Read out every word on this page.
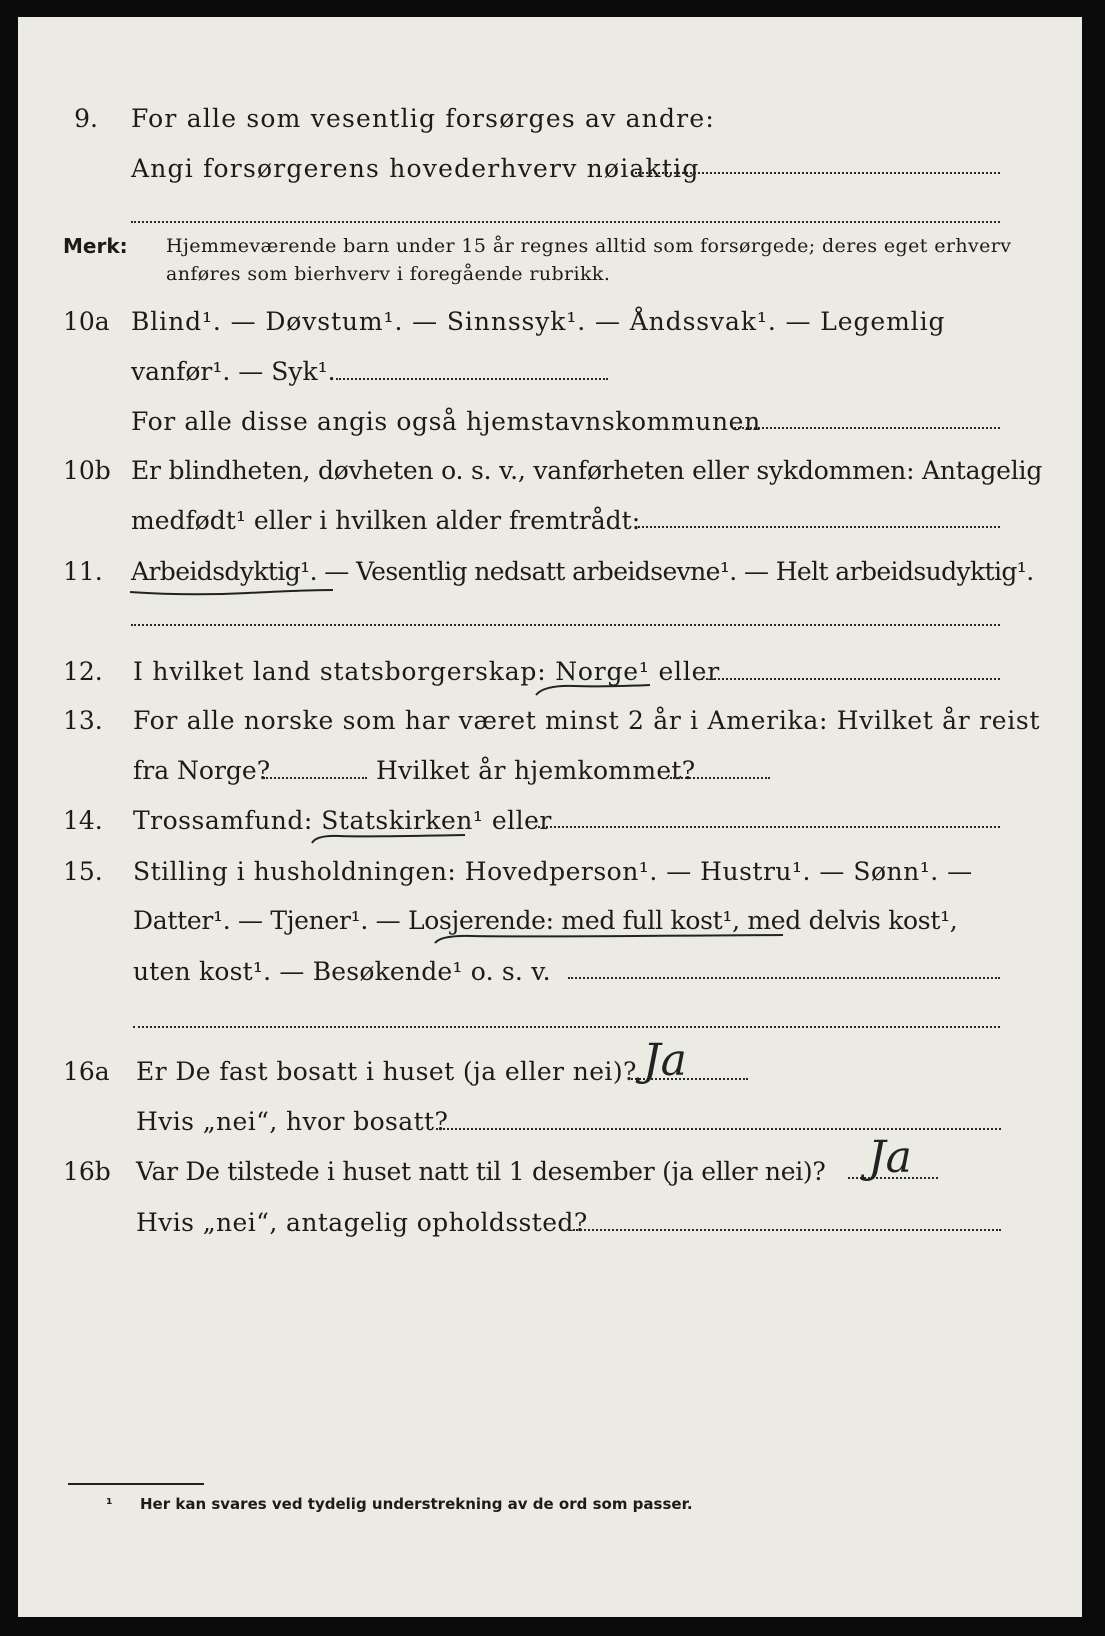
9. For alle som vesentlig forsørges av andre:
Angi forsørgerens hovederhverv nøiaktig
Merk: Hjemmeværende barn under 15 år regnes alltid som forsørgede; deres eget erhverv
anføres som bierhverv i foregående rubrikk.
10a Blind¹. — Døvstum¹. — Sinnssyk¹. — Åndssvak¹. — Legemlig
vanfør¹. — Syk¹.
For alle disse angis også hjemstavnskommunen
10b Er blindheten, døvheten o. s. v., vanførheten eller sykdommen: Antagelig
medfødt¹ eller i hvilken alder fremtrådt:
11.	Arbeidsdyktig¹. — Vesentlig nedsatt arbeidsevne¹. — Helt arbeidsudyktig¹.
12.	I hvilket land statsborgerskap: Norge¹ eller
13.	For alle norske som har været minst 2 år i Amerika: Hvilket år reist
fra Norge?	Hvilket år hjemkommet?
14.	Trossamfund: Statskirken¹ eller
15.	Stilling i husholdningen: Hovedperson¹. — Hustru¹. — Sønn¹. —
Datter¹. — Tjener¹. — Losjerende: med full kost¹, med delvis kost¹,
uten kost¹. — Besøkende¹ o. s. v.
16a	Er De fast bosatt i huset (ja eller nei)? Ja
Hvis „nei“, hvor bosatt?
16b	Var De tilstede i huset natt til 1 desember (ja eller nei)? Ja
Hvis „nei“, antagelig opholdssted?
¹ Her kan svares ved tydelig understrekning av de ord som passer.
